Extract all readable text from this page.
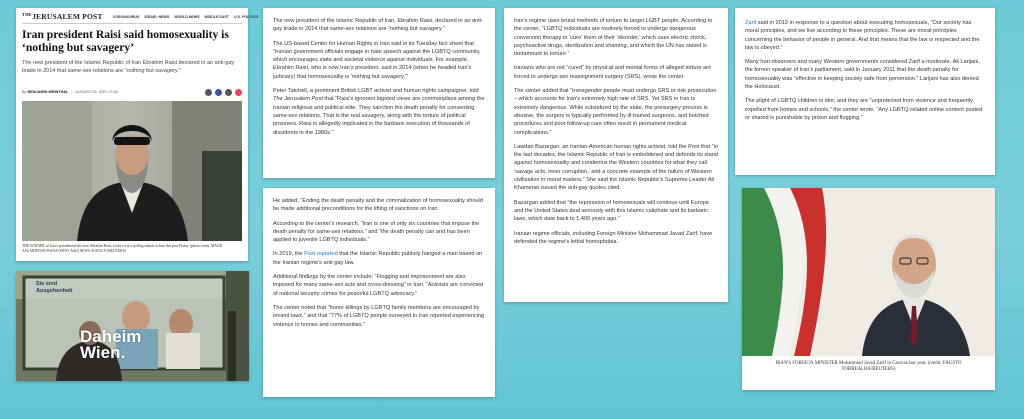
$^{THE}$JERUSALEM POST	CORONAVIRUS ISRAEL NEWS WORLD NEWS MIDDLE EAST U.S. POLITICS
Iran president Raisi said homosexuality is ‘nothing but savagery’

The new president of the Islamic Republic of Iran Ebrahim Raisi declared in an anti-gay tirade in 2014 that same-sex relations are “nothing but savagery.”

By BENJAMIN WEINTHAL | AUGUST 25, 2021 17:59

THE WINNER of Iran's presidential election, Ebrahim Raisi, looks on at a polling station in Iran this past Friday. (photo credit: MAJID ASGARIPOUR/WANA (WEST ASIA NEWS AGENCY)/REUTERS)

Sie sind
Ausgehenheit
Daheim
Wien.

The new president of the Islamic Republic of Iran, Ebrahim Raisi, declared in an anti-gay tirade in 2014 that same-sex relations are “nothing but savagery.”

The US-based Center for Human Rights in Iran said in its Tuesday fact sheet that “Iranian government officials engage in hate speech against the LGBTQ community, which encourages state and societal violence against individuals. For example, Ebrahim Raisi, who is now Iran's president, said in 2014 (when he headed Iran's judiciary) that homosexuality is ‘nothing but savagery.’”

Peter Tatchell, a prominent British LGBT activist and human rights campaigner, told The Jerusalem Post that “Raisi's ignorant bigoted views are commonplace among the Iranian religious and political elite. They sanction the death penalty for consenting same-sex relations. That is the real savagery, along with the torture of political prisoners. Raisi is allegedly implicated in the barbaric execution of thousands of dissidents in the 1980s.”

He added, “Ending the death penalty and the criminalization of homosexuality should be made additional preconditions for the lifting of sanctions on Iran.

According to the center's research, “Iran is one of only six countries that impose the death penalty for same-sex relations,” and “the death penalty can and has been applied to juvenile LGBTQ individuals.”

In 2019, the Post reported that the Islamic Republic publicly hanged a man based on the Iranian regime's anti-gay law.

Additional findings by the center include: “Flogging and imprisonment are also imposed for many same-sex acts and cross-dressing” in Iran. “Activists are convicted of national security crimes for peaceful LGBTQ advocacy.”

The center noted that “honor killings by LGBTQ family members are encouraged by lenient laws,” and that “77% of LGBTQ people surveyed in Iran reported experiencing violence in homes and communities.”

Iran's regime uses brutal methods of torture to target LGBT people. According to the center, “LGBTQ individuals are routinely forced to undergo dangerous conversion therapy to ‘cure’ them of their ‘disorder,’ which uses electric shock, psychoactive drugs, sterilization and shaming, and which the UN has stated is tantamount to torture.”

Iranians who are not “cured” by physical and mental forms of alleged torture are forced to undergo sex reassignment surgery (SRS), wrote the center.

The center added that “transgender people must undergo SRS or risk prosecution – which accounts for Iran's extremely high rate of SRS. Yet SRS in Iran is extremely dangerous. While subsidized by the state, the presurgery process is abusive, the surgery is typically performed by ill-trained surgeons, and botched procedures and poor follow-up care often result in permanent medical complications.”

Lawdan Bazargan, an Iranian-American human rights activist, told the Post that “in the last decades, the Islamic Republic of Iran is emboldened and defends its stand against homosexuality and condemns the Western countries for what they call ‘savage acts, inner corruption,’ and a concrete example of the failure of Western civilization in moral matters.” She said the Islamic Republic's Supreme Leader Ali Khamenei issued the anti-gay quotes cited.

Bazargan added that “the repression of homosexuals will continue until Europe and the United States deal seriously with this Islamic caliphate and its barbaric laws, which date back to 1,400 years ago.”

Iranian regime officials, including Foreign Minister Mohammad Javad Zarif, have defended the regime's lethal homophobia.

Zarif said in 2019 in response to a question about executing homosexuals, “Our society has moral principles, and we live according to these principles. These are moral principles concerning the behavior of people in general. And that means that the law is respected and the law is obeyed.”

Many Iran observers and many Western governments considered Zarif a moderate. Ali Larijani, the former speaker of Iran's parliament, said in January 2011 that the death penalty for homosexuality was “effective in keeping society safe from perversion.” Larijani has also denied the Holocaust.

The plight of LGBTQ children is dire, and they are “unprotected from violence and frequently expelled from homes and schools,” the center wrote. “Any LGBTQ-related online content posted or shared is punishable by prison and flogging.”

IRAN'S FOREIGN MINISTER Mohammad Javad Zarif in Caracas last year. (credit: FAUSTO TORREALBA/REUTERS)
